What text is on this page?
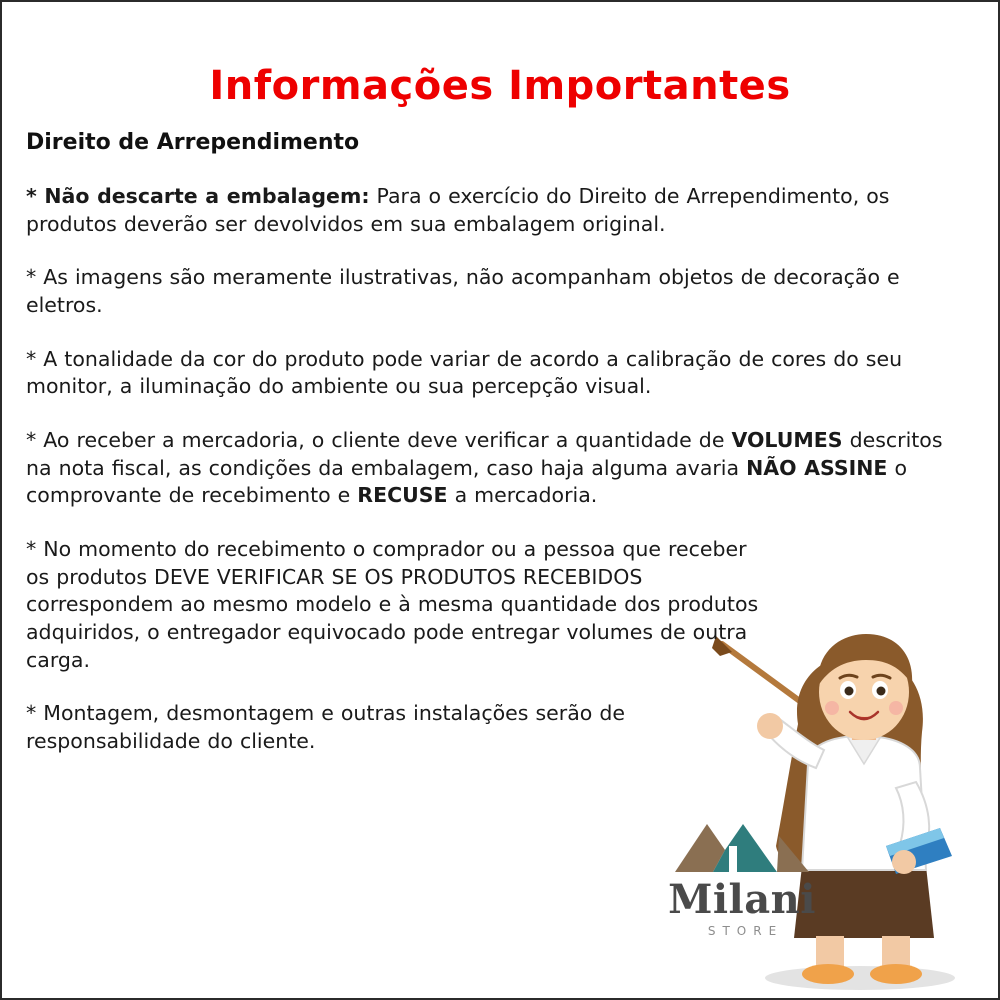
Informações Importantes
Direito de Arrependimento
Milani
STORE

* Não descarte a embalagem: Para o exercício do Direito de Arrependimento, os produtos deverão ser devolvidos em sua embalagem original.

* As imagens são meramente ilustrativas, não acompanham objetos de decoração e eletros.

* A tonalidade da cor do produto pode variar de acordo a calibração de cores do seu monitor, a iluminação do ambiente ou sua percepção visual.

* Ao receber a mercadoria, o cliente deve verificar a quantidade de VOLUMES descritos na nota fiscal, as condições da embalagem, caso haja alguma avaria NÃO ASSINE o comprovante de recebimento e RECUSE a mercadoria.

* No momento do recebimento o comprador ou a pessoa que receber os produtos DEVE VERIFICAR SE OS PRODUTOS RECEBIDOS correspondem ao mesmo modelo e à mesma quantidade dos produtos adquiridos, o entregador equivocado pode entregar volumes de outra carga.

* Montagem, desmontagem e outras instalações serão de responsabilidade do cliente.
